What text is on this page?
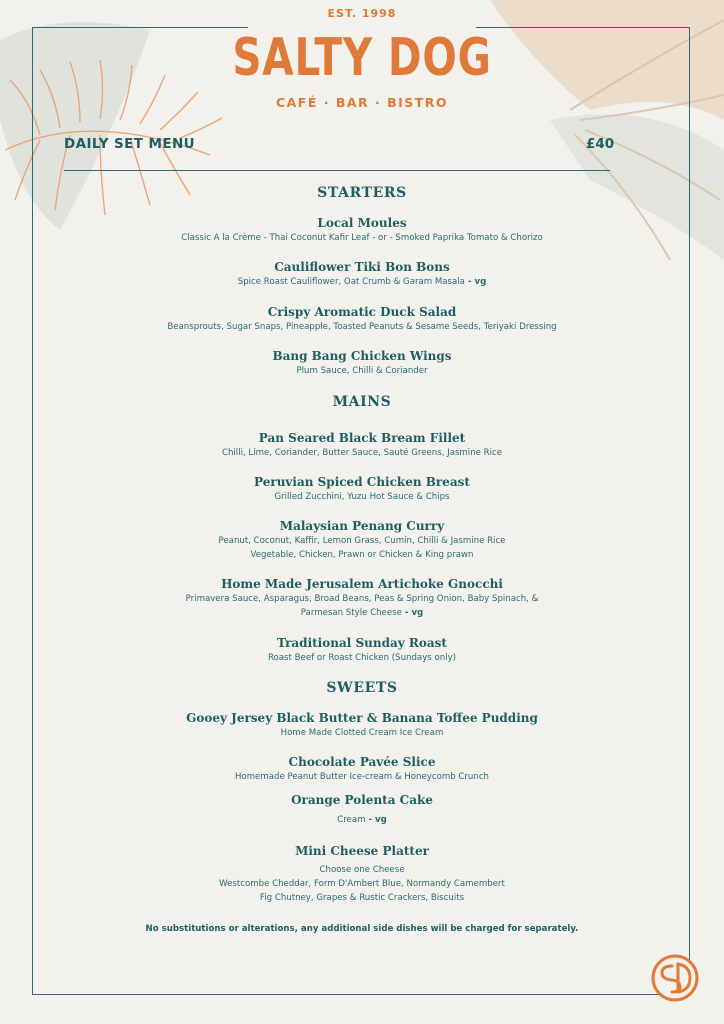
EST. 1998
SALTY DOG
CAFÉ · BAR · BISTRO
DAILY SET MENU	£40
STARTERS
Local Moules
Classic A la Crème - Thai Coconut Kafir Leaf - or - Smoked Paprika Tomato & Chorizo
Cauliflower Tiki Bon Bons
Spice Roast Cauliflower, Oat Crumb & Garam Masala - vg
Crispy Aromatic Duck Salad
Beansprouts, Sugar Snaps, Pineapple, Toasted Peanuts & Sesame Seeds, Teriyaki Dressing
Bang Bang Chicken Wings
Plum Sauce, Chilli & Coriander
MAINS
Pan Seared Black Bream Fillet
Chilli, Lime, Coriander, Butter Sauce, Sauté Greens, Jasmine Rice
Peruvian Spiced Chicken Breast
Grilled Zucchini, Yuzu Hot Sauce & Chips
Malaysian Penang Curry
Peanut, Coconut, Kaffir, Lemon Grass, Cumin, Chilli & Jasmine Rice
Vegetable, Chicken, Prawn or Chicken & King prawn
Home Made Jerusalem Artichoke Gnocchi
Primavera Sauce, Asparagus, Broad Beans, Peas & Spring Onion, Baby Spinach, &
Parmesan Style Cheese - vg
Traditional Sunday Roast
Roast Beef or Roast Chicken (Sundays only)
SWEETS
Gooey Jersey Black Butter & Banana Toffee Pudding
Home Made Clotted Cream Ice Cream
Chocolate Pavée Slice
Homemade Peanut Butter Ice-cream & Honeycomb Crunch
Orange Polenta Cake
Cream - vg
Mini Cheese Platter
Choose one Cheese
Westcombe Cheddar, Form D'Ambert Blue, Normandy Camembert
Fig Chutney, Grapes & Rustic Crackers, Biscuits
No substitutions or alterations, any additional side dishes will be charged for separately.
